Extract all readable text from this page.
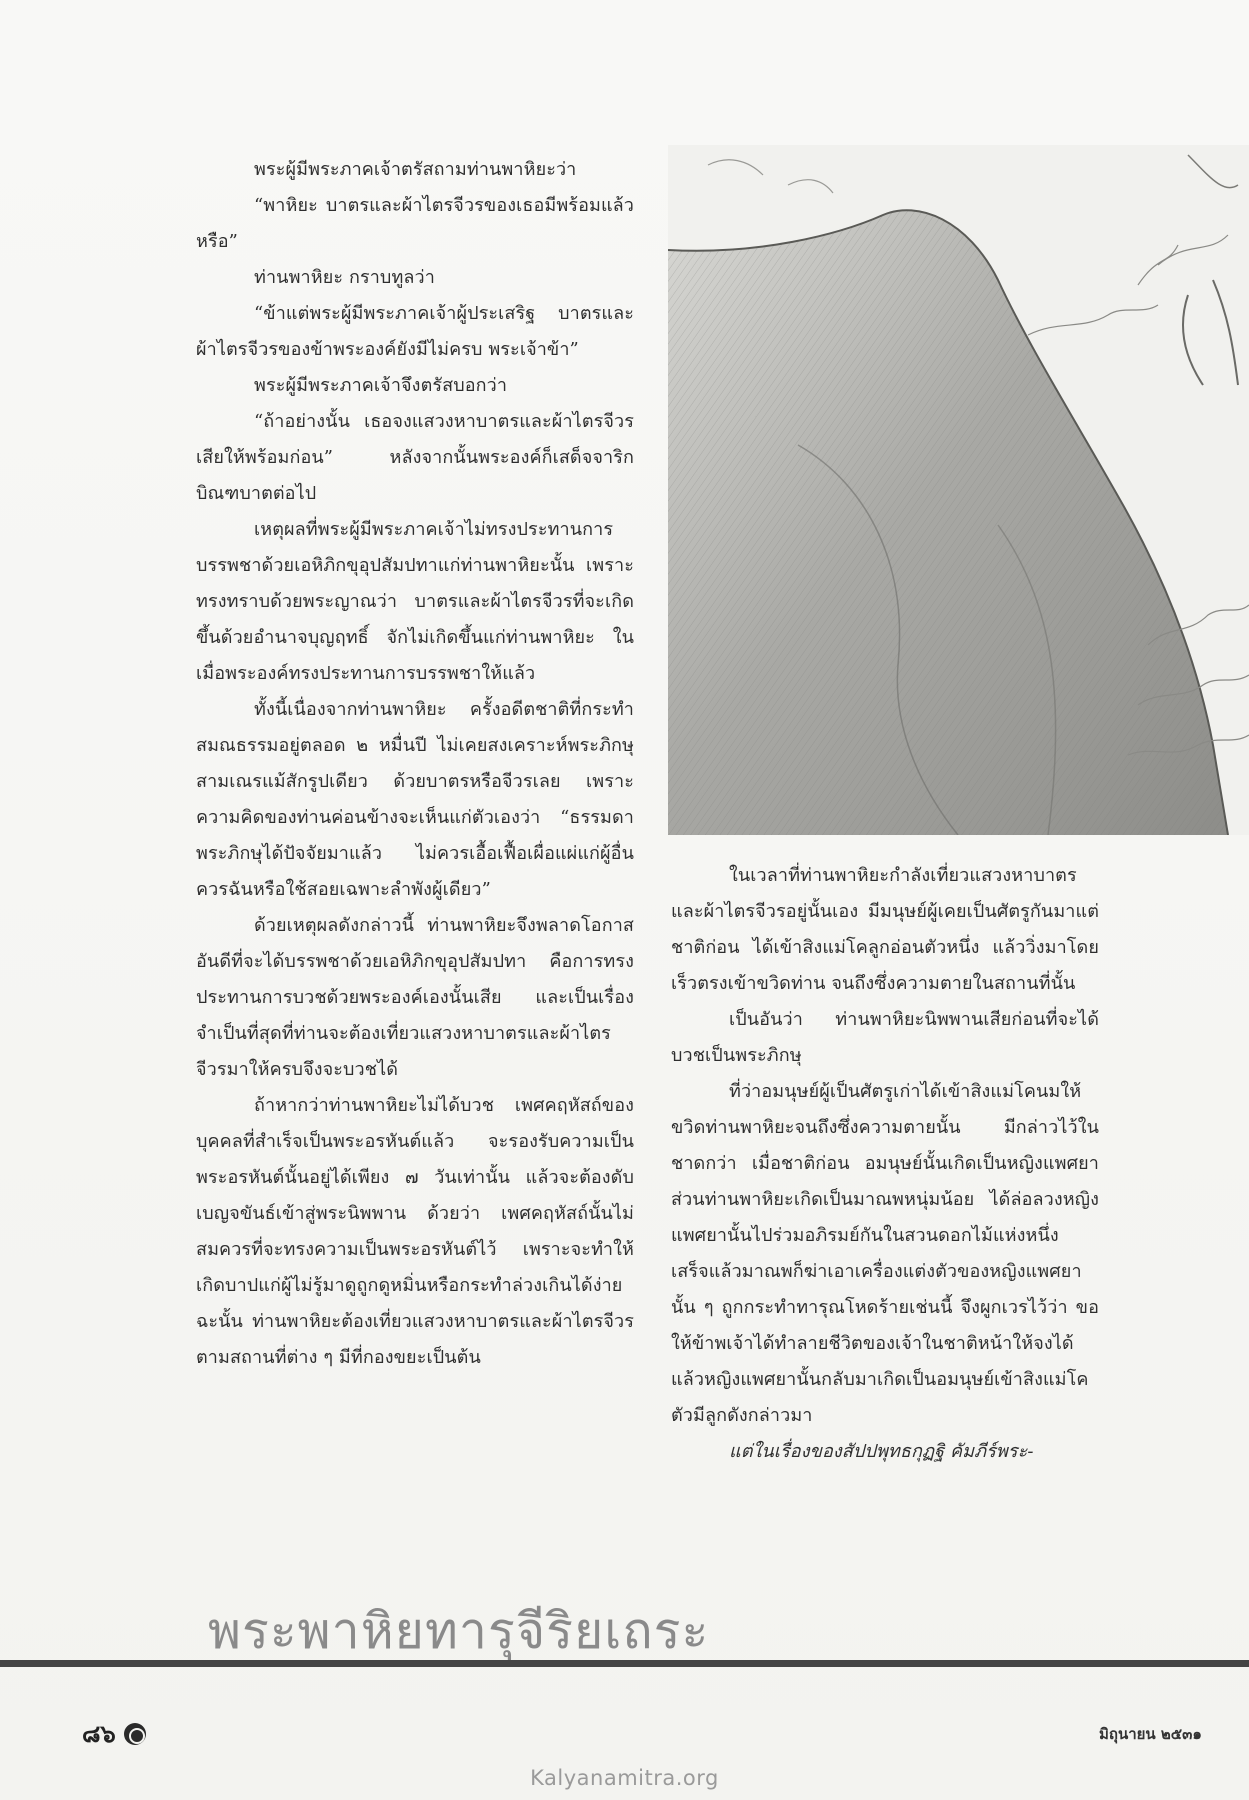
พระผู้มีพระภาคเจ้าตรัสถามท่านพาหิยะว่า

“พาหิยะ บาตรและผ้าไตรจีวรของเธอมีพร้อมแล้วหรือ”

ท่านพาหิยะ กราบทูลว่า

“ข้าแต่พระผู้มีพระภาคเจ้าผู้ประเสริฐ บาตรและผ้าไตรจีวรของข้าพระองค์ยังมีไม่ครบ พระเจ้าข้า”

พระผู้มีพระภาคเจ้าจึงตรัสบอกว่า

“ถ้าอย่างนั้น เธอจงแสวงหาบาตรและผ้าไตรจีวรเสียให้พร้อมก่อน” หลังจากนั้นพระองค์ก็เสด็จจาริกบิณฑบาตต่อไป

เหตุผลที่พระผู้มีพระภาคเจ้าไม่ทรงประทานการบรรพชาด้วยเอหิภิกขุอุปสัมปทาแก่ท่านพาหิยะนั้น เพราะทรงทราบด้วยพระญาณว่า บาตรและผ้าไตรจีวรที่จะเกิดขึ้นด้วยอำนาจบุญฤทธิ์ จักไม่เกิดขึ้นแก่ท่านพาหิยะ ในเมื่อพระองค์ทรงประทานการบรรพชาให้แล้ว

ทั้งนี้เนื่องจากท่านพาหิยะ ครั้งอดีตชาติที่กระทำสมณธรรมอยู่ตลอด ๒ หมื่นปี ไม่เคยสงเคราะห์พระภิกษุสามเณรแม้สักรูปเดียว ด้วยบาตรหรือจีวรเลย เพราะความคิดของท่านค่อนข้างจะเห็นแก่ตัวเองว่า “ธรรมดาพระภิกษุได้ปัจจัยมาแล้ว ไม่ควรเอื้อเฟื้อเผื่อแผ่แก่ผู้อื่น ควรฉันหรือใช้สอยเฉพาะลำพังผู้เดียว”

ด้วยเหตุผลดังกล่าวนี้ ท่านพาหิยะจึงพลาดโอกาสอันดีที่จะได้บรรพชาด้วยเอหิภิกขุอุปสัมปทา คือการทรงประทานการบวชด้วยพระองค์เองนั้นเสีย และเป็นเรื่องจำเป็นที่สุดที่ท่านจะต้องเที่ยวแสวงหาบาตรและผ้าไตรจีวรมาให้ครบจึงจะบวชได้

ถ้าหากว่าท่านพาหิยะไม่ได้บวช เพศคฤหัสถ์ของบุคคลที่สำเร็จเป็นพระอรหันต์แล้ว จะรองรับความเป็นพระอรหันต์นั้นอยู่ได้เพียง ๗ วันเท่านั้น แล้วจะต้องดับเบญจขันธ์เข้าสู่พระนิพพาน ด้วยว่า เพศคฤหัสถ์นั้นไม่สมควรที่จะทรงความเป็นพระอรหันต์ไว้ เพราะจะทำให้เกิดบาปแก่ผู้ไม่รู้มาดูถูกดูหมิ่นหรือกระทำล่วงเกินได้ง่าย ฉะนั้น ท่านพาหิยะต้องเที่ยวแสวงหาบาตรและผ้าไตรจีวรตามสถานที่ต่าง ๆ มีที่กองขยะเป็นต้น

ในเวลาที่ท่านพาหิยะกำลังเที่ยวแสวงหาบาตรและผ้าไตรจีวรอยู่นั้นเอง มีมนุษย์ผู้เคยเป็นศัตรูกันมาแต่ชาติก่อน ได้เข้าสิงแม่โคลูกอ่อนตัวหนึ่ง แล้ววิ่งมาโดยเร็วตรงเข้าขวิดท่าน จนถึงซึ่งความตายในสถานที่นั้น

เป็นอันว่า ท่านพาหิยะนิพพานเสียก่อนที่จะได้บวชเป็นพระภิกษุ

ที่ว่าอมนุษย์ผู้เป็นศัตรูเก่าได้เข้าสิงแม่โคนมให้ขวิดท่านพาหิยะจนถึงซึ่งความตายนั้น มีกล่าวไว้ในชาดกว่า เมื่อชาติก่อน อมนุษย์นั้นเกิดเป็นหญิงแพศยา ส่วนท่านพาหิยะเกิดเป็นมาณพหนุ่มน้อย ได้ล่อลวงหญิงแพศยานั้นไปร่วมอภิรมย์กันในสวนดอกไม้แห่งหนึ่ง เสร็จแล้วมาณพก็ฆ่าเอาเครื่องแต่งตัวของหญิงแพศยานั้น ๆ ถูกกระทำทารุณโหดร้ายเช่นนี้ จึงผูกเวรไว้ว่า ขอให้ข้าพเจ้าได้ทำลายชีวิตของเจ้าในชาติหน้าให้จงได้ แล้วหญิงแพศยานั้นกลับมาเกิดเป็นอมนุษย์เข้าสิงแม่โคตัวมีลูกดังกล่าวมา

แต่ในเรื่องของสัปปพุทธกุฏฐิ คัมภีร์พระ-

พระพาหิยทารุจีริยเถระ
๘๖	มิถุนายน ๒๕๓๑
Kalyanamitra.org
